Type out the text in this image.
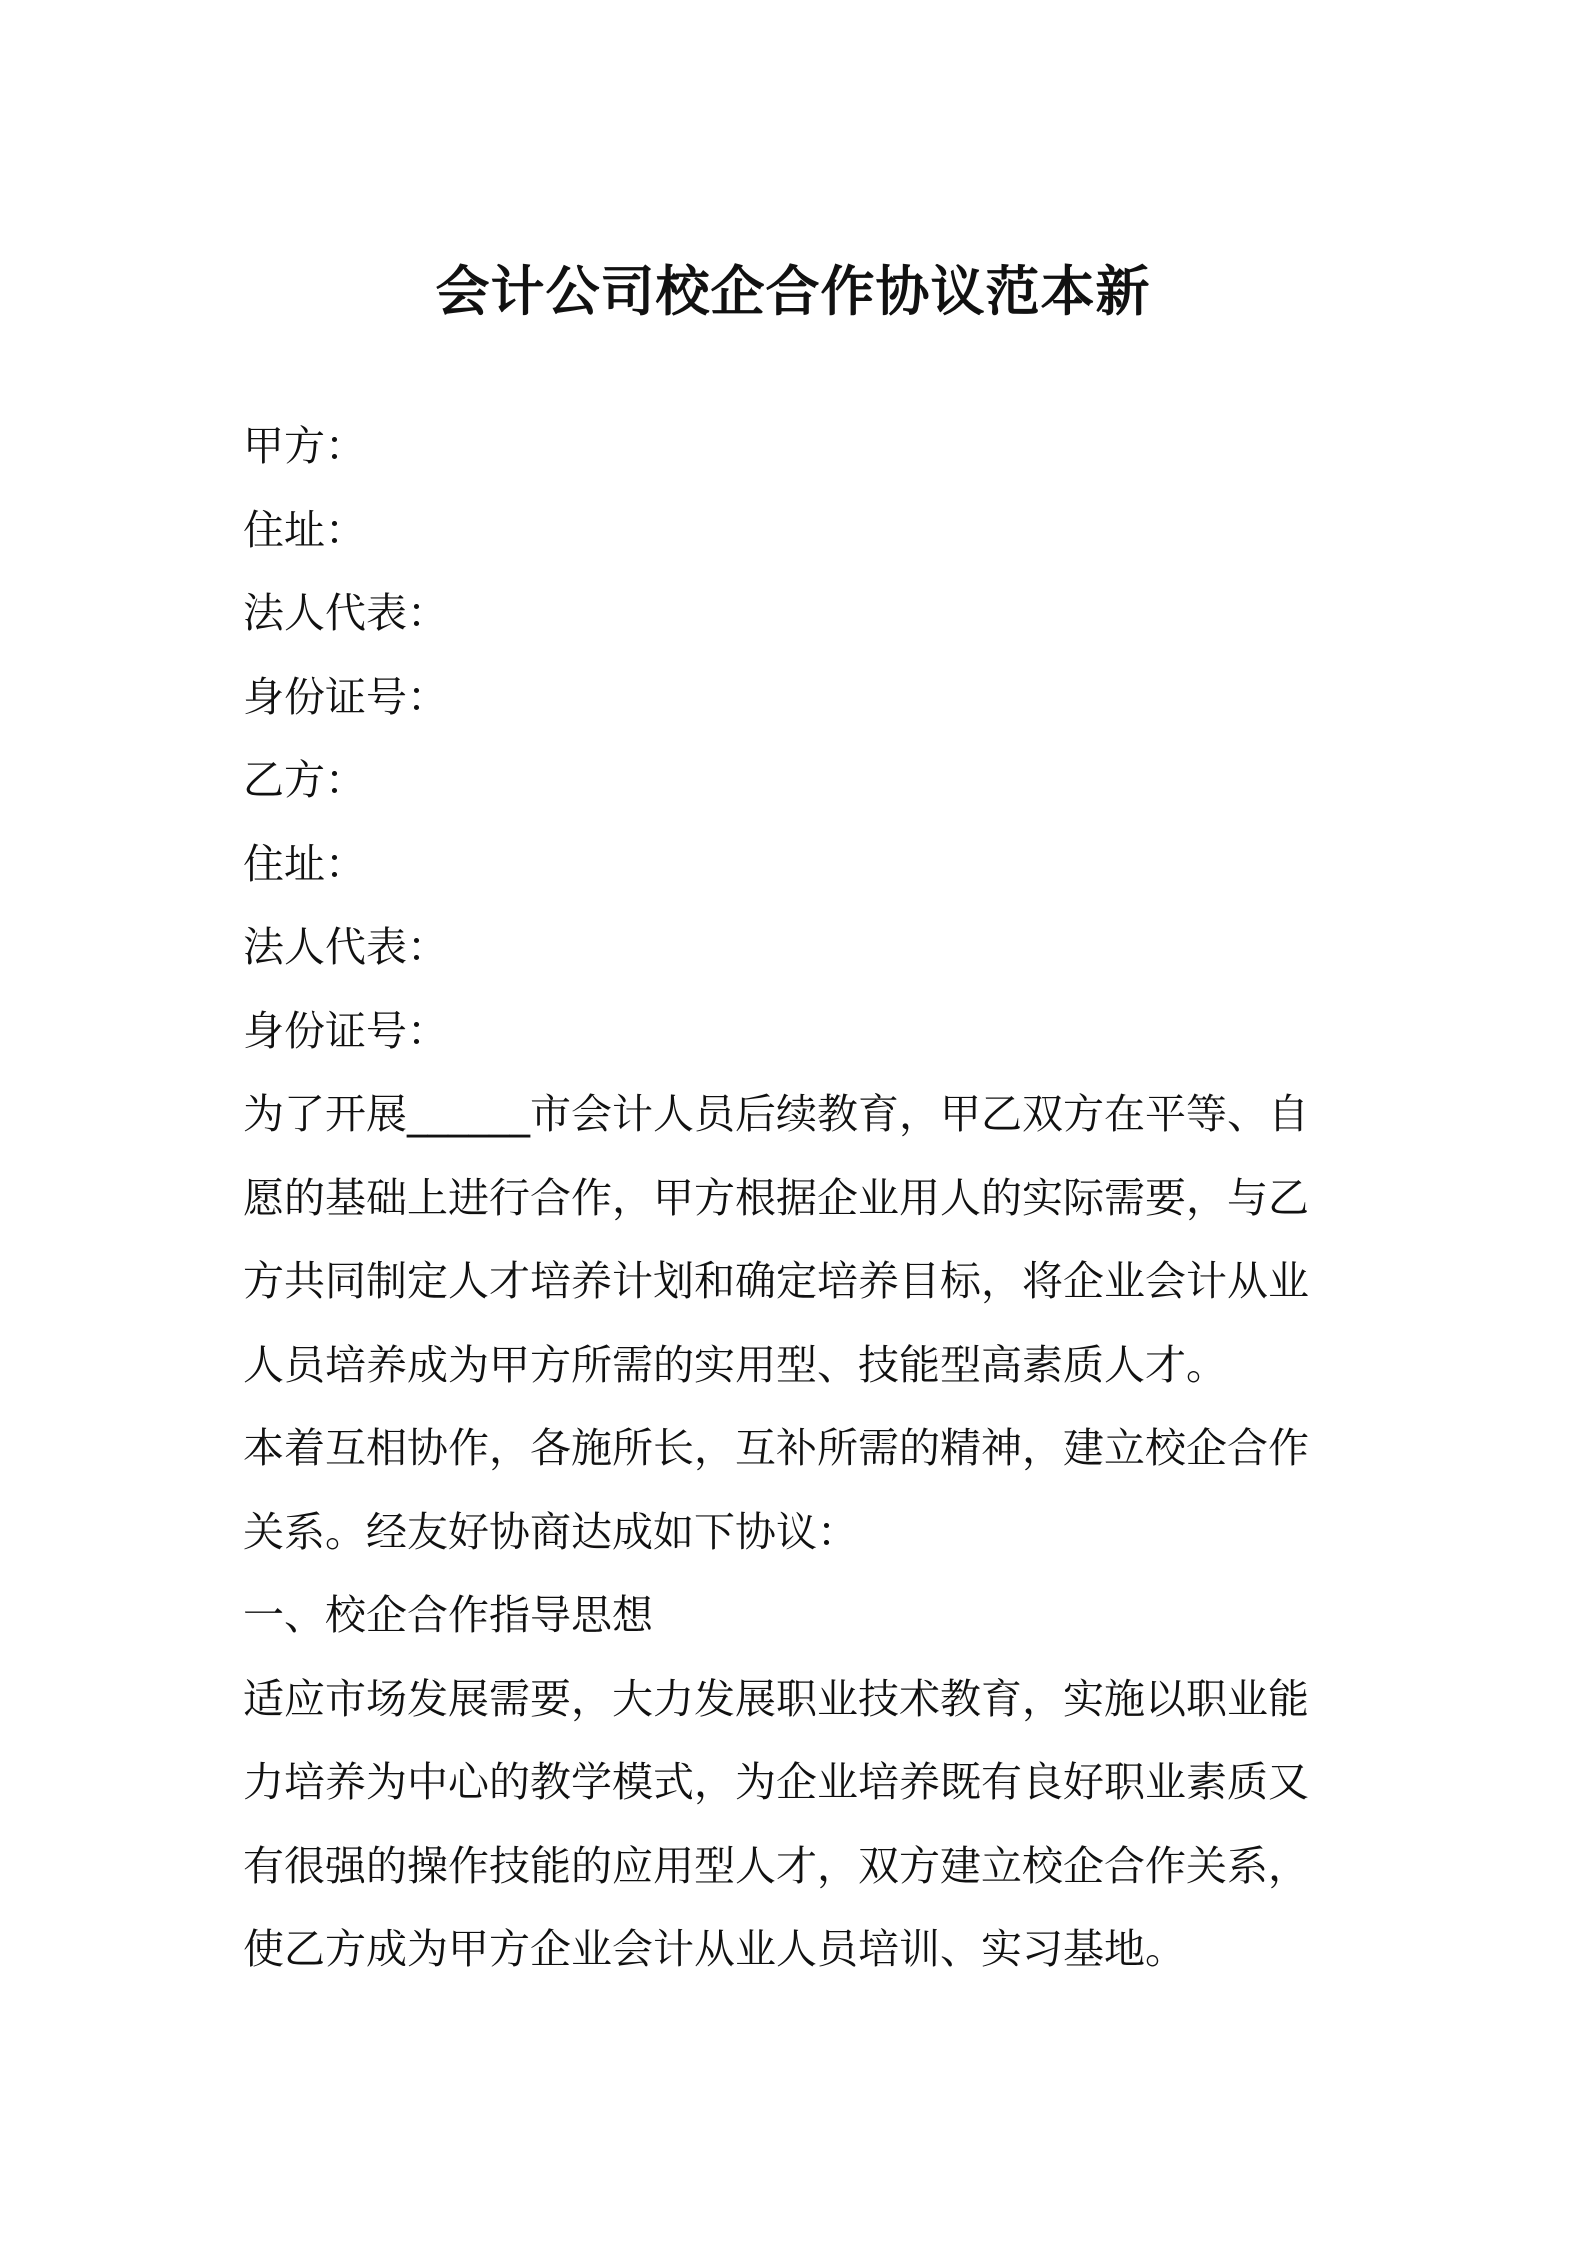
会计公司校企合作协议范本新
甲方：
住址：
法人代表：
身份证号：
乙方：
住址：
法人代表：
身份证号：
为了开展______市会计人员后续教育，甲乙双方在平等、自
愿的基础上进行合作，甲方根据企业用人的实际需要，与乙
方共同制定人才培养计划和确定培养目标，将企业会计从业
人员培养成为甲方所需的实用型、技能型高素质人才。
本着互相协作，各施所长，互补所需的精神，建立校企合作
关系。经友好协商达成如下协议：
一、校企合作指导思想
适应市场发展需要，大力发展职业技术教育，实施以职业能
力培养为中心的教学模式，为企业培养既有良好职业素质又
有很强的操作技能的应用型人才，双方建立校企合作关系，
使乙方成为甲方企业会计从业人员培训、实习基地。
